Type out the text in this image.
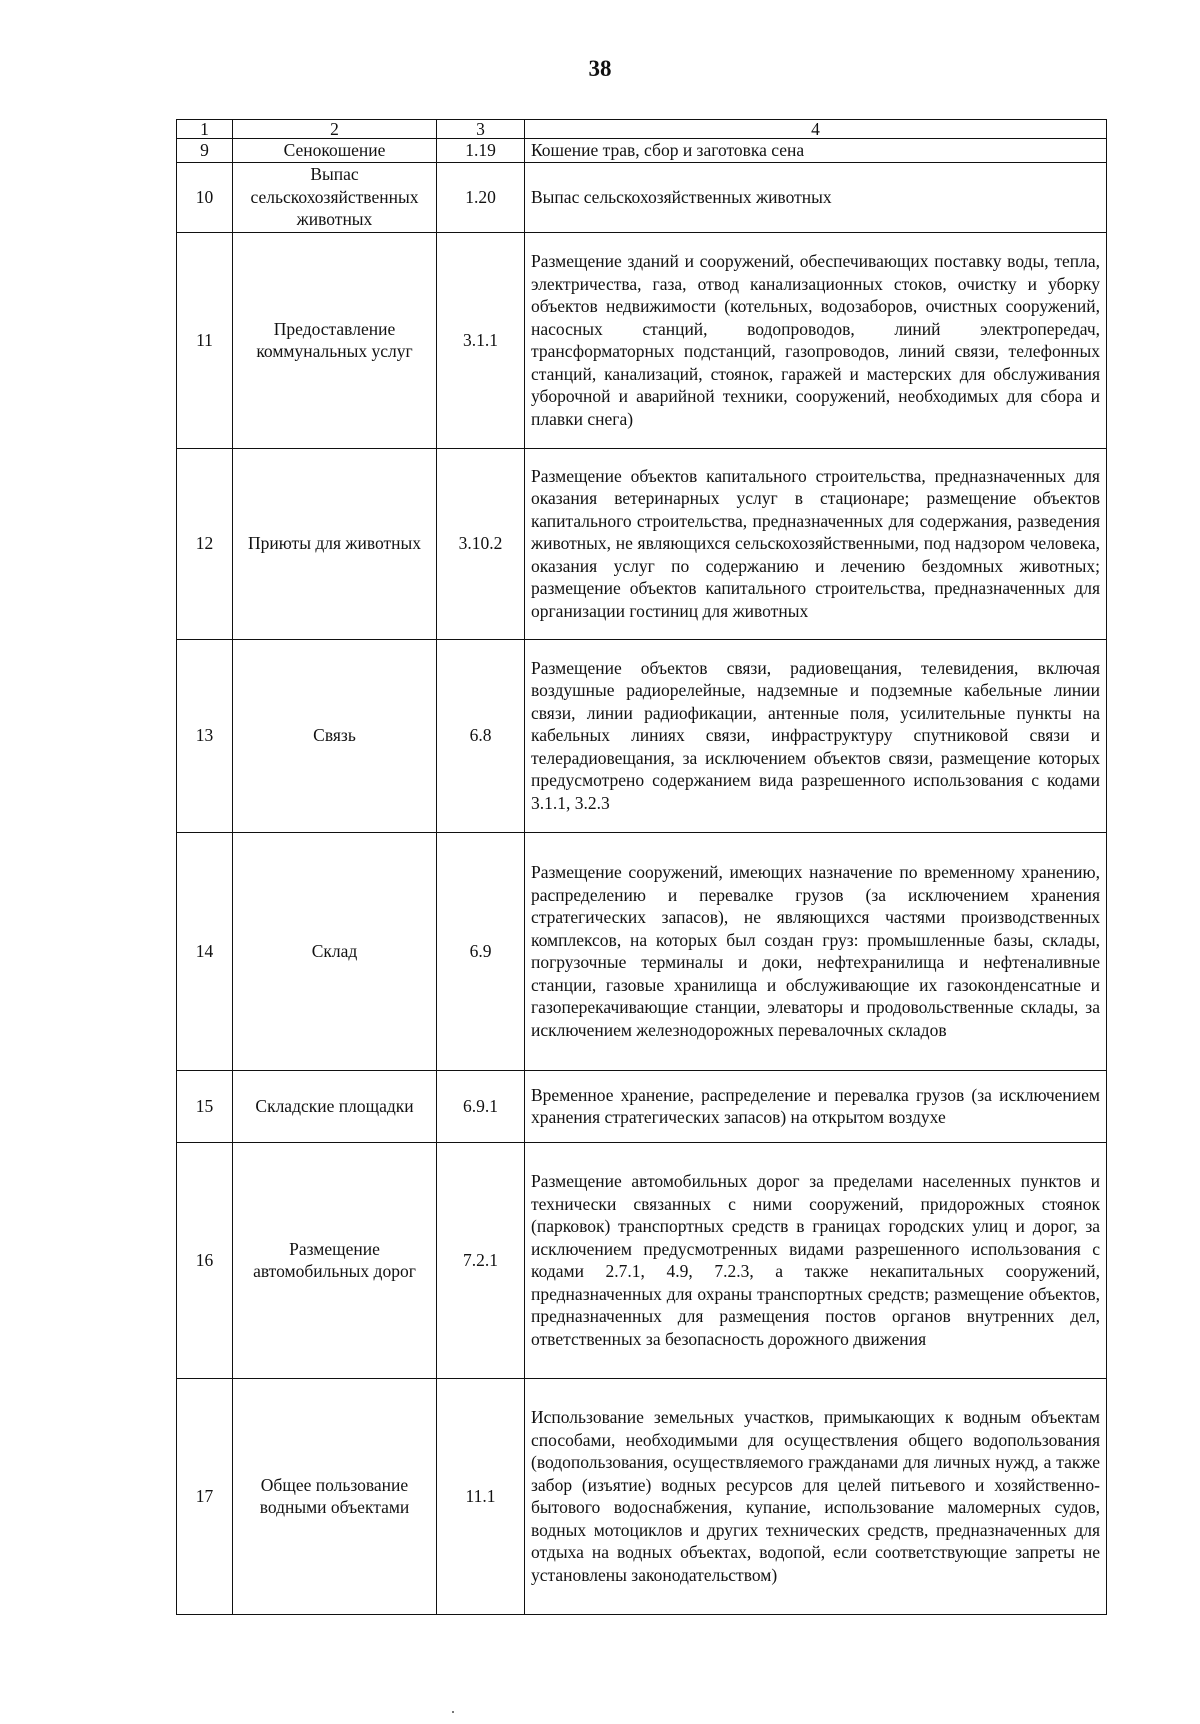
38
1	2	3	4
9	Сенокошение	1.19	Кошение трав, сбор и заготовка сена
10	Выпас сельскохозяйственных животных	1.20	Выпас сельскохозяйственных животных
11	Предоставление коммунальных услуг	3.1.1	Размещение зданий и сооружений, обеспечивающих поставку воды, тепла, электричества, газа, отвод канализационных стоков, очистку и уборку объектов недвижимости (котельных, водозаборов, очистных сооружений, насосных станций, водопроводов, линий электропередач, трансформаторных подстанций, газопроводов, линий связи, телефонных станций, канализаций, стоянок, гаражей и мастерских для обслуживания уборочной и аварийной техники, сооружений, необходимых для сбора и плавки снега)
12	Приюты для животных	3.10.2	Размещение объектов капитального строительства, предназначенных для оказания ветеринарных услуг в стационаре; размещение объектов капитального строительства, предназначенных для содержания, разведения животных, не являющихся сельскохозяйственными, под надзором человека, оказания услуг по содержанию и лечению бездомных животных; размещение объектов капитального строительства, предназначенных для организации гостиниц для животных
13	Связь	6.8	Размещение объектов связи, радиовещания, телевидения, включая воздушные радиорелейные, надземные и подземные кабельные линии связи, линии радиофикации, антенные поля, усилительные пункты на кабельных линиях связи, инфраструктуру спутниковой связи и телерадиовещания, за исключением объектов связи, размещение которых предусмотрено содержанием вида разрешенного использования с кодами 3.1.1, 3.2.3
14	Склад	6.9	Размещение сооружений, имеющих назначение по временному хранению, распределению и перевалке грузов (за исключением хранения стратегических запасов), не являющихся частями производственных комплексов, на которых был создан груз: промышленные базы, склады, погрузочные терминалы и доки, нефтехранилища и нефтеналивные станции, газовые хранилища и обслуживающие их газоконденсатные и газоперекачивающие станции, элеваторы и продовольственные склады, за исключением железнодорожных перевалочных складов
15	Складские площадки	6.9.1	Временное хранение, распределение и перевалка грузов (за исключением хранения стратегических запасов) на открытом воздухе
16	Размещение автомобильных дорог	7.2.1	Размещение автомобильных дорог за пределами населенных пунктов и технически связанных с ними сооружений, придорожных стоянок (парковок) транспортных средств в границах городских улиц и дорог, за исключением предусмотренных видами разрешенного использования с кодами 2.7.1, 4.9, 7.2.3, а также некапитальных сооружений, предназначенных для охраны транспортных средств; размещение объектов, предназначенных для размещения постов органов внутренних дел, ответственных за безопасность дорожного движения
17	Общее пользование водными объектами	11.1	Использование земельных участков, примыкающих к водным объектам способами, необходимыми для осуществления общего водопользования (водопользования, осуществляемого гражданами для личных нужд, а также забор (изъятие) водных ресурсов для целей питьевого и хозяйственно-бытового водоснабжения, купание, использование маломерных судов, водных мотоциклов и других технических средств, предназначенных для отдыха на водных объектах, водопой, если соответствующие запреты не установлены законодательством)
